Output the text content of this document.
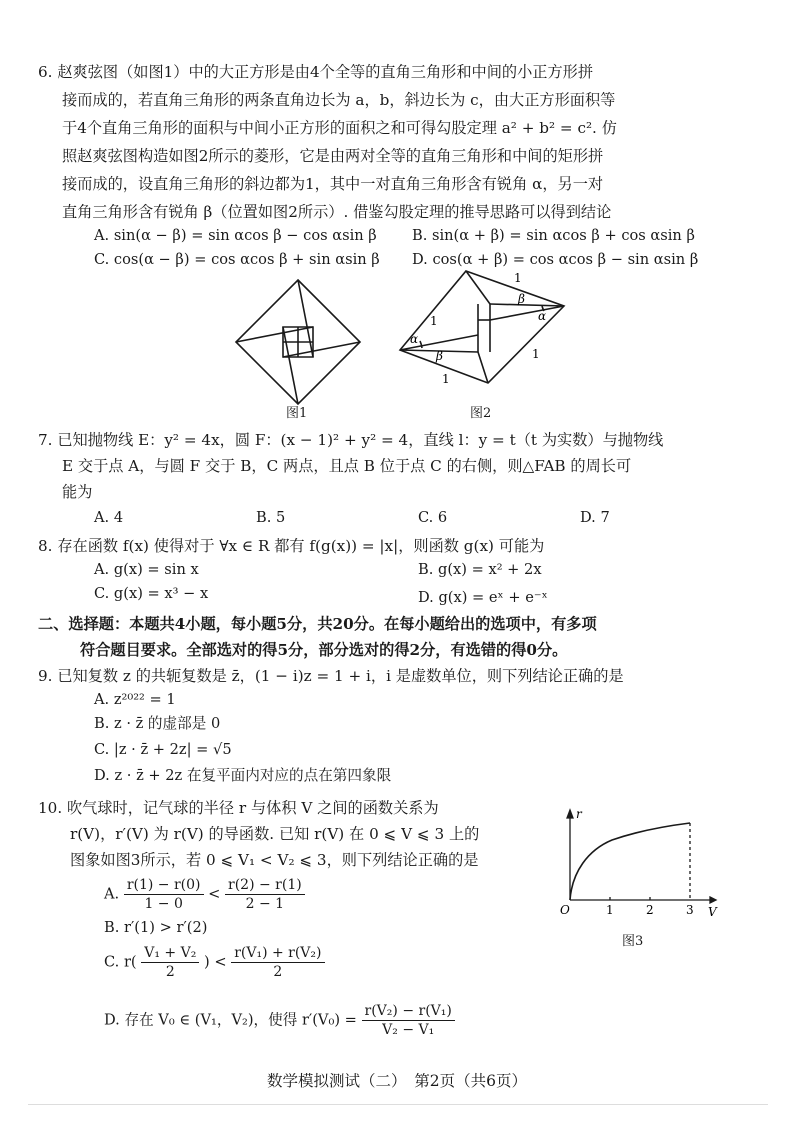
6. 赵爽弦图（如图1）中的大正方形是由4个全等的直角三角形和中间的小正方形拼
接而成的，若直角三角形的两条直角边长为 a，b，斜边长为 c，由大正方形面积等
于4个直角三角形的面积与中间小正方形的面积之和可得勾股定理 a² + b² = c². 仿
照赵爽弦图构造如图2所示的菱形，它是由两对全等的直角三角形和中间的矩形拼
接而成的，设直角三角形的斜边都为1，其中一对直角三角形含有锐角 α，另一对
直角三角形含有锐角 β（位置如图2所示）. 借鉴勾股定理的推导思路可以得到结论
A. sin(α − β) = sin αcos β − cos αsin β B. sin(α + β) = sin αcos β + cos αsin β
C. cos(α − β) = cos αcos β + sin αsin β D. cos(α + β) = cos αcos β − sin αsin β
图1
1
1
1
1
α
β
β
α
图2
7. 已知抛物线 E：y² = 4x，圆 F：(x − 1)² + y² = 4，直线 l：y = t（t 为实数）与抛物线
E 交于点 A，与圆 F 交于 B，C 两点，且点 B 位于点 C 的右侧，则△FAB 的周长可
能为
A. 4	B. 5	C. 6	D. 7
8. 存在函数 f(x) 使得对于 ∀x ∈ R 都有 f(g(x)) = |x|，则函数 g(x) 可能为
A. g(x) = sin x	B. g(x) = x² + 2x
C. g(x) = x³ − x	D. g(x) = eˣ + e⁻ˣ
二、选择题：本题共4小题，每小题5分，共20分。在每小题给出的选项中，有多项
符合题目要求。全部选对的得5分，部分选对的得2分，有选错的得0分。
9. 已知复数 z 的共轭复数是 z̄，(1 − i)z = 1 + i，i 是虚数单位，则下列结论正确的是
A. z²⁰²² = 1
B. z · z̄ 的虚部是 0
C. |z · z̄ + 2z| = √5
D. z · z̄ + 2z 在复平面内对应的点在第四象限
10. 吹气球时，记气球的半径 r 与体积 V 之间的函数关系为
r(V)，r′(V) 为 r(V) 的导函数. 已知 r(V) 在 0 ⩽ V ⩽ 3 上的
图象如图3所示，若 0 ⩽ V₁ < V₂ ⩽ 3，则下列结论正确的是
A. $\frac{r(1) - r(0)}{1 - 0} < \frac{r(2) - r(1)}{2 - 1}$
B. r′(1) > r′(2)
C. $r( \frac{\text{V₁ + V₂}}{2}$ ) < $\frac{\text{r(V₁) + r(V₂)}}{2}$
D. 存在 V₀ ∈ (V₁，V₂)，使得 $r'(V_0) = \frac{\text{r(V₂) − r(V₁)}}{\text{V₂ − V₁}}$
r
V
O	1	2	3
图3
数学模拟测试（二）　第2页（共6页）
